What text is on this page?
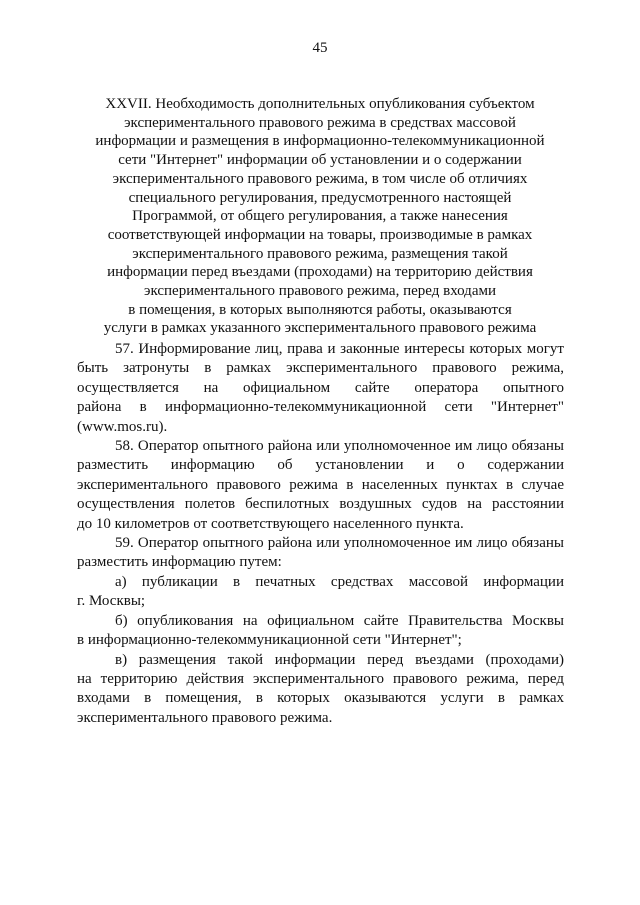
45
XXVII. Необходимость дополнительных опубликования субъектом
экспериментального правового режима в средствах массовой
информации и размещения в информационно-телекоммуникационной
сети "Интернет" информации об установлении и о содержании
экспериментального правового режима, в том числе об отличиях
специального регулирования, предусмотренного настоящей
Программой, от общего регулирования, а также нанесения
соответствующей информации на товары, производимые в рамках
экспериментального правового режима, размещения такой
информации перед въездами (проходами) на территорию действия
экспериментального правового режима, перед входами
в помещения, в которых выполняются работы, оказываются
услуги в рамках указанного экспериментального правового режима

57. Информирование лиц, права и законные интересы которых могут
быть затронуты в рамках экспериментального правового режима,
осуществляется на официальном сайте оператора опытного
района в информационно-телекоммуникационной сети "Интернет"
(www.mos.ru).

58. Оператор опытного района или уполномоченное им лицо обязаны
разместить информацию об установлении и о содержании
экспериментального правового режима в населенных пунктах в случае
осуществления полетов беспилотных воздушных судов на расстоянии
до 10 километров от соответствующего населенного пункта.

59. Оператор опытного района или уполномоченное им лицо обязаны
разместить информацию путем:

а) публикации в печатных средствах массовой информации
г. Москвы;

б) опубликования на официальном сайте Правительства Москвы
в информационно-телекоммуникационной сети "Интернет";

в) размещения такой информации перед въездами (проходами)
на территорию действия экспериментального правового режима, перед
входами в помещения, в которых оказываются услуги в рамках
экспериментального правового режима.
